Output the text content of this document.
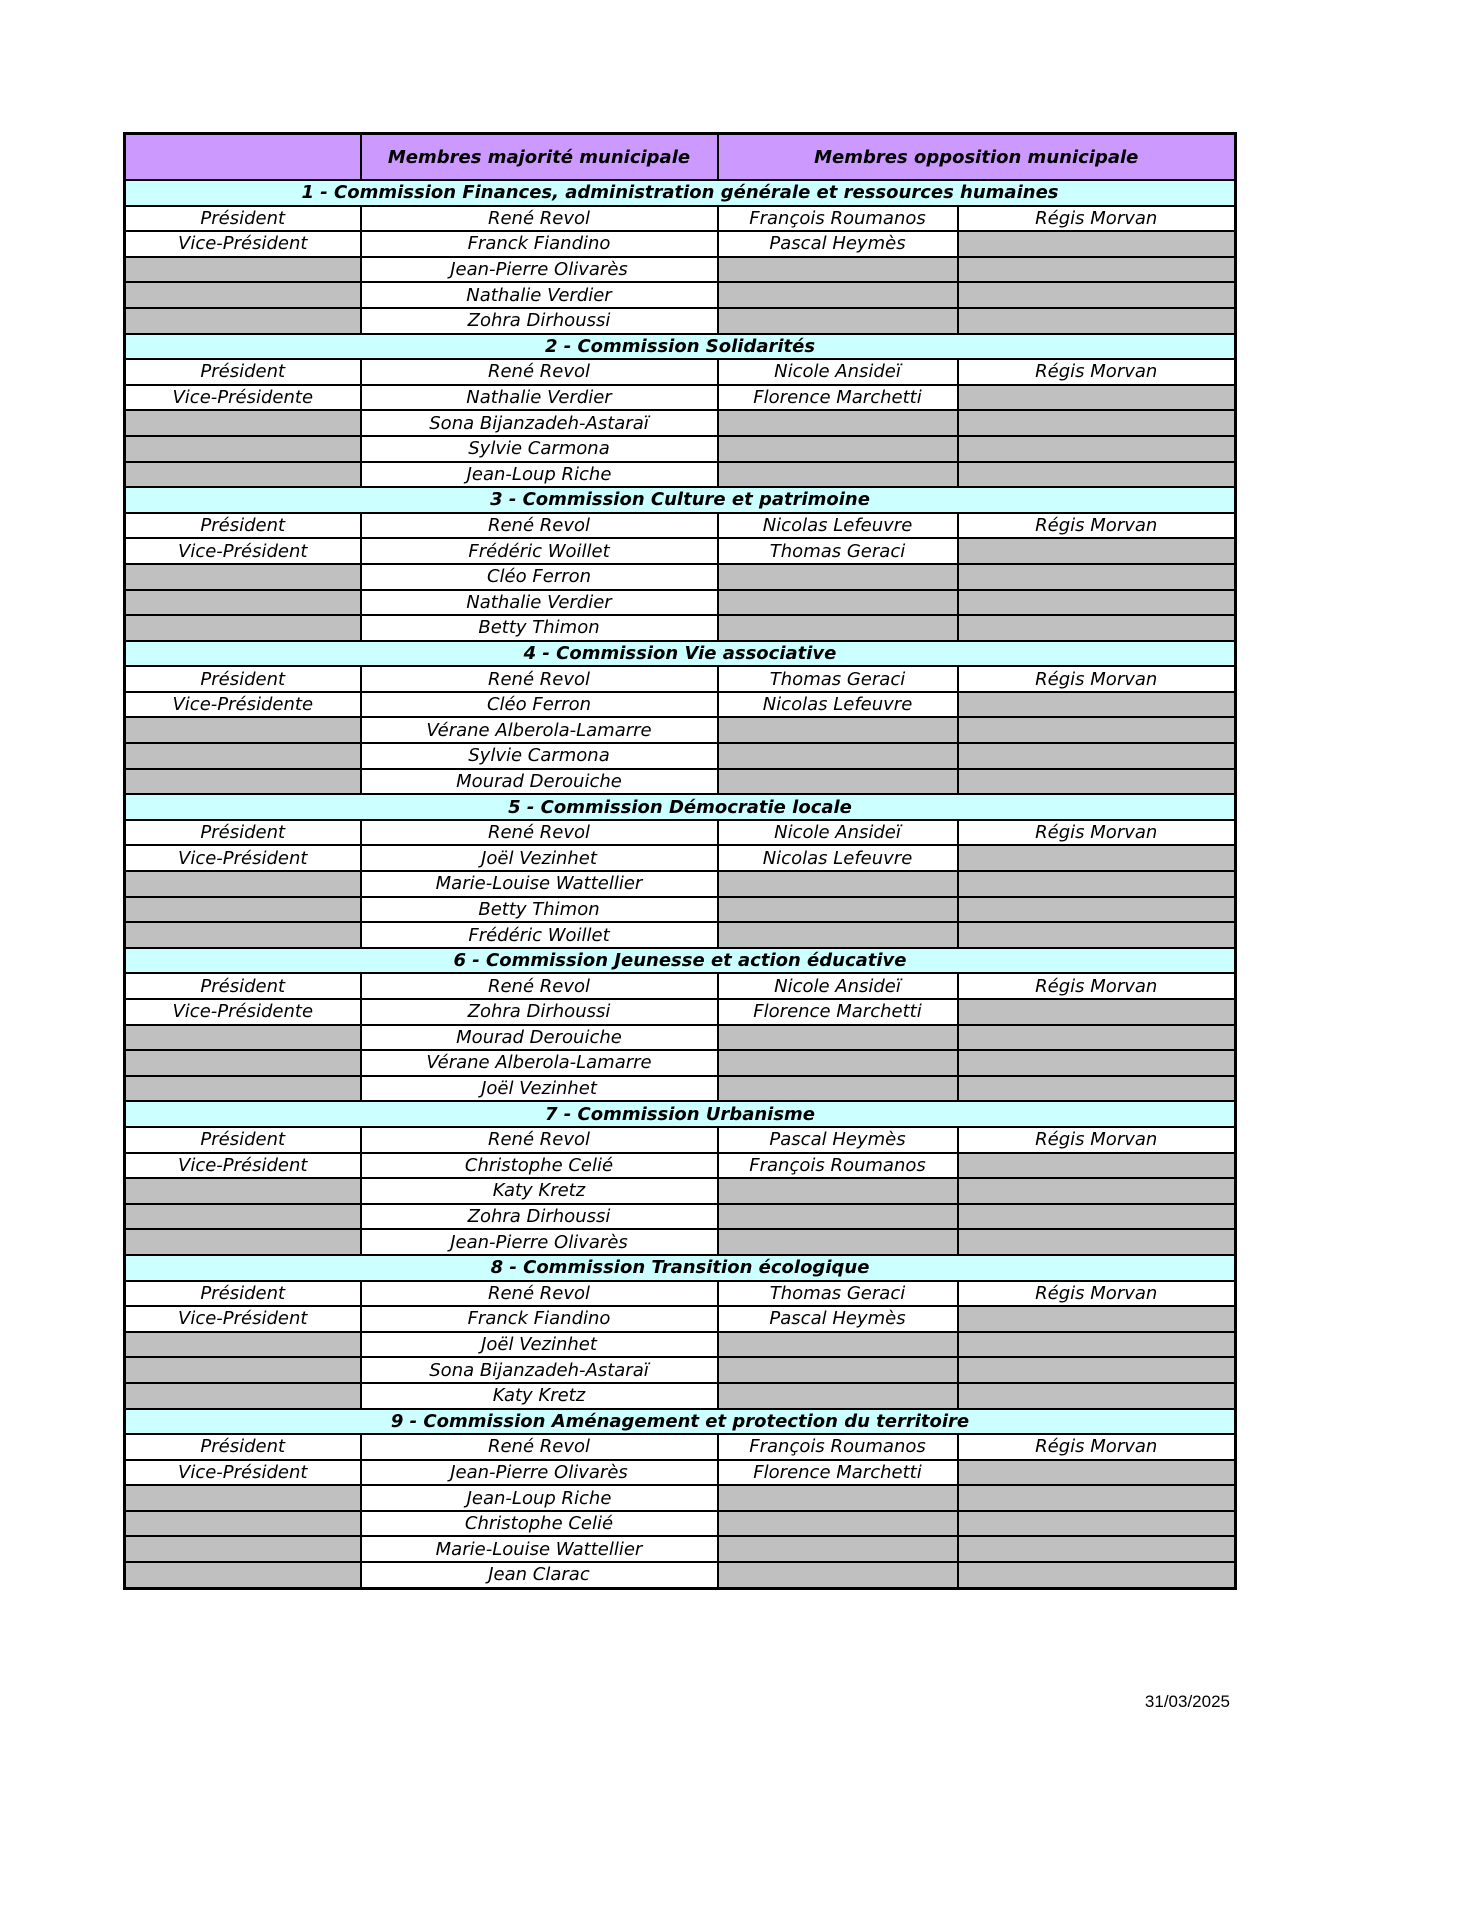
	Membres majorité municipale	Membres opposition municipale	
1 - Commission Finances, administration générale et ressources humaines			
Président	René Revol	François Roumanos	Régis Morvan
Vice-Président	Franck Fiandino	Pascal Heymès	
	Jean-Pierre Olivarès		
	Nathalie Verdier		
	Zohra Dirhoussi		
2 - Commission Solidarités			
Président	René Revol	Nicole Ansideï	Régis Morvan
Vice-Présidente	Nathalie Verdier	Florence Marchetti	
	Sona Bijanzadeh-Astaraï		
	Sylvie Carmona		
	Jean-Loup Riche		
3 - Commission Culture et patrimoine			
Président	René Revol	Nicolas Lefeuvre	Régis Morvan
Vice-Président	Frédéric Woillet	Thomas Geraci	
	Cléo Ferron		
	Nathalie Verdier		
	Betty Thimon		
4 - Commission Vie associative			
Président	René Revol	Thomas Geraci	Régis Morvan
Vice-Présidente	Cléo Ferron	Nicolas Lefeuvre	
	Vérane Alberola-Lamarre		
	Sylvie Carmona		
	Mourad Derouiche		
5 - Commission Démocratie locale			
Président	René Revol	Nicole Ansideï	Régis Morvan
Vice-Président	Joël Vezinhet	Nicolas Lefeuvre	
	Marie-Louise Wattellier		
	Betty Thimon		
	Frédéric Woillet		
6 - Commission Jeunesse et action éducative			
Président	René Revol	Nicole Ansideï	Régis Morvan
Vice-Présidente	Zohra Dirhoussi	Florence Marchetti	
	Mourad Derouiche		
	Vérane Alberola-Lamarre		
	Joël Vezinhet		
7 - Commission Urbanisme			
Président	René Revol	Pascal Heymès	Régis Morvan
Vice-Président	Christophe Celié	François Roumanos	
	Katy Kretz		
	Zohra Dirhoussi		
	Jean-Pierre Olivarès		
8 - Commission Transition écologique			
Président	René Revol	Thomas Geraci	Régis Morvan
Vice-Président	Franck Fiandino	Pascal Heymès	
	Joël Vezinhet		
	Sona Bijanzadeh-Astaraï		
	Katy Kretz		
9 - Commission Aménagement et protection du territoire			
Président	René Revol	François Roumanos	Régis Morvan
Vice-Président	Jean-Pierre Olivarès	Florence Marchetti	
	Jean-Loup Riche		
	Christophe Celié		
	Marie-Louise Wattellier		
	Jean Clarac		
31/03/2025
